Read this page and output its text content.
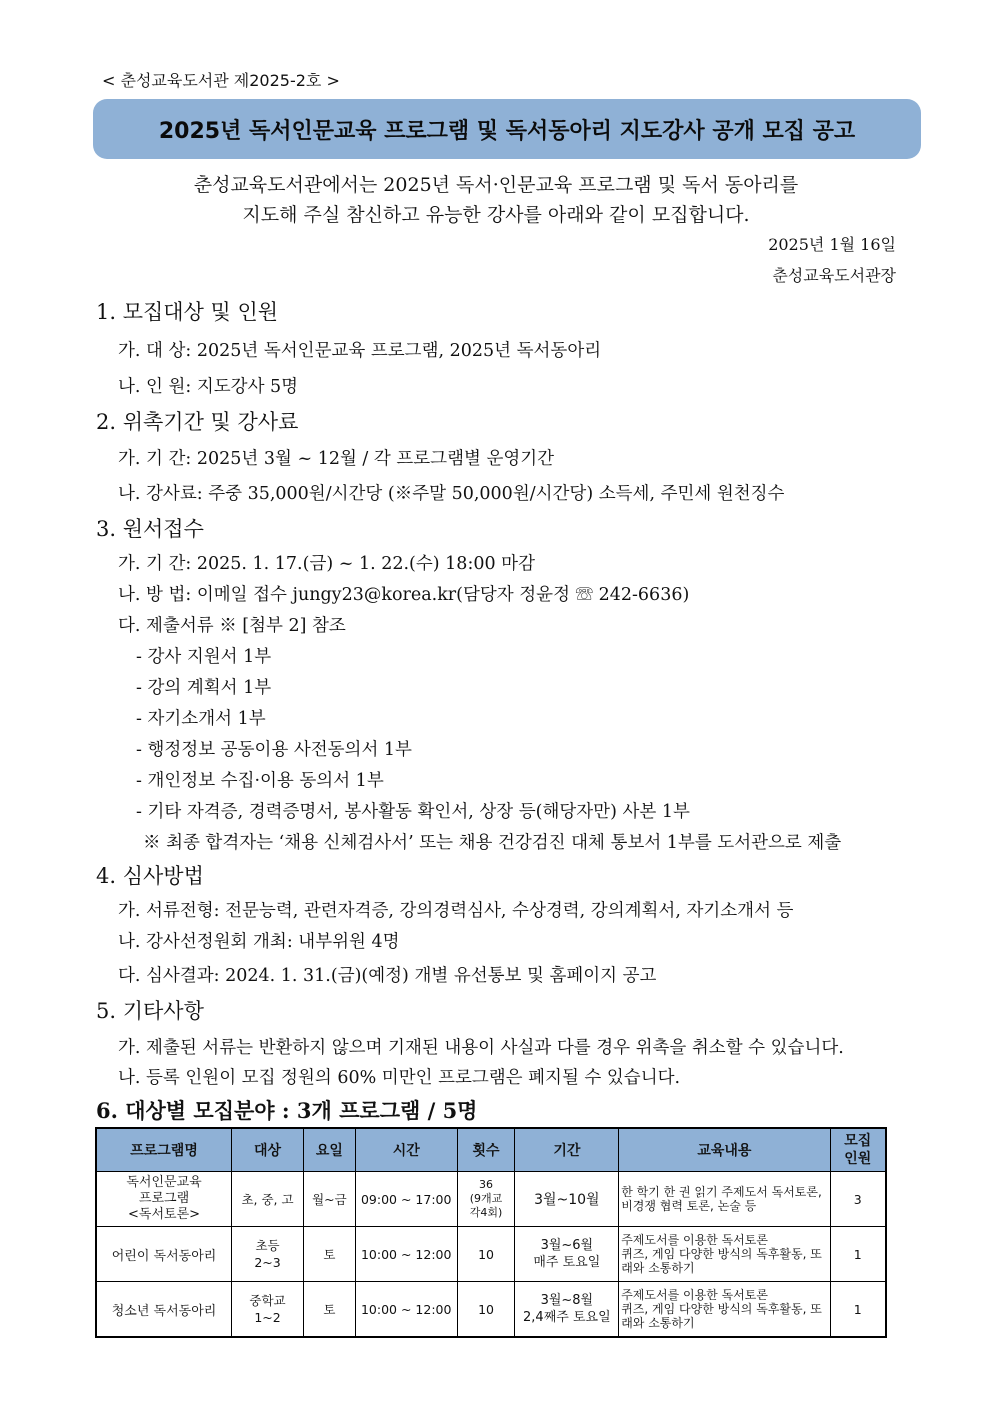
< 춘성교육도서관 제2025-2호 >
2025년 독서인문교육 프로그램 및 독서동아리 지도강사 공개 모집 공고
춘성교육도서관에서는 2025년 독서·인문교육 프로그램 및 독서 동아리를
지도해 주실 참신하고 유능한 강사를 아래와 같이 모집합니다.
2025년 1월 16일
춘성교육도서관장
1. 모집대상 및 인원
가. 대 상: 2025년 독서인문교육 프로그램, 2025년 독서동아리
나. 인 원: 지도강사 5명
2. 위촉기간 및 강사료
가. 기 간: 2025년 3월 ~ 12월 / 각 프로그램별 운영기간
나. 강사료: 주중 35,000원/시간당 (※주말 50,000원/시간당) 소득세, 주민세 원천징수
3. 원서접수
가. 기 간: 2025. 1. 17.(금) ~ 1. 22.(수) 18:00 마감
나. 방 법: 이메일 접수 jungy23@korea.kr(담당자 정윤정 ☏ 242-6636)
다. 제출서류 ※ [첨부 2] 참조
- 강사 지원서 1부
- 강의 계획서 1부
- 자기소개서 1부
- 행정정보 공동이용 사전동의서 1부
- 개인정보 수집·이용 동의서 1부
- 기타 자격증, 경력증명서, 봉사활동 확인서, 상장 등(해당자만) 사본 1부
※ 최종 합격자는 ‘채용 신체검사서’ 또는 채용 건강검진 대체 통보서 1부를 도서관으로 제출
4. 심사방법
가. 서류전형: 전문능력, 관련자격증, 강의경력심사, 수상경력, 강의계획서, 자기소개서 등
나. 강사선정원회 개최: 내부위원 4명
다. 심사결과: 2024. 1. 31.(금)(예정) 개별 유선통보 및 홈페이지 공고
5. 기타사항
가. 제출된 서류는 반환하지 않으며 기재된 내용이 사실과 다를 경우 위촉을 취소할 수 있습니다.
나. 등록 인원이 모집 정원의 60% 미만인 프로그램은 폐지될 수 있습니다.
6. 대상별 모집분야 : 3개 프로그램 / 5명
프로그램명	대상	요일	시간	횟수	기간	교육내용	모집
인원
독서인문교육
프로그램
<독서토론>	초, 중, 고	월~금	09:00 ~ 17:00	36
(9개교
각4회)	3월~10월	한 학기 한 권 읽기 주제도서 독서토론, 비경쟁 협력 토론, 논술 등	3
어린이 독서동아리	초등
2~3	토	10:00 ~ 12:00	10	3월~6월
매주 토요일	주제도서를 이용한 독서토론
퀴즈, 게임 다양한 방식의 독후활동, 또래와 소통하기	1
청소년 독서동아리	중학교
1~2	토	10:00 ~ 12:00	10	3월~8월
2,4째주 토요일	주제도서를 이용한 독서토론
퀴즈, 게임 다양한 방식의 독후활동, 또래와 소통하기	1
